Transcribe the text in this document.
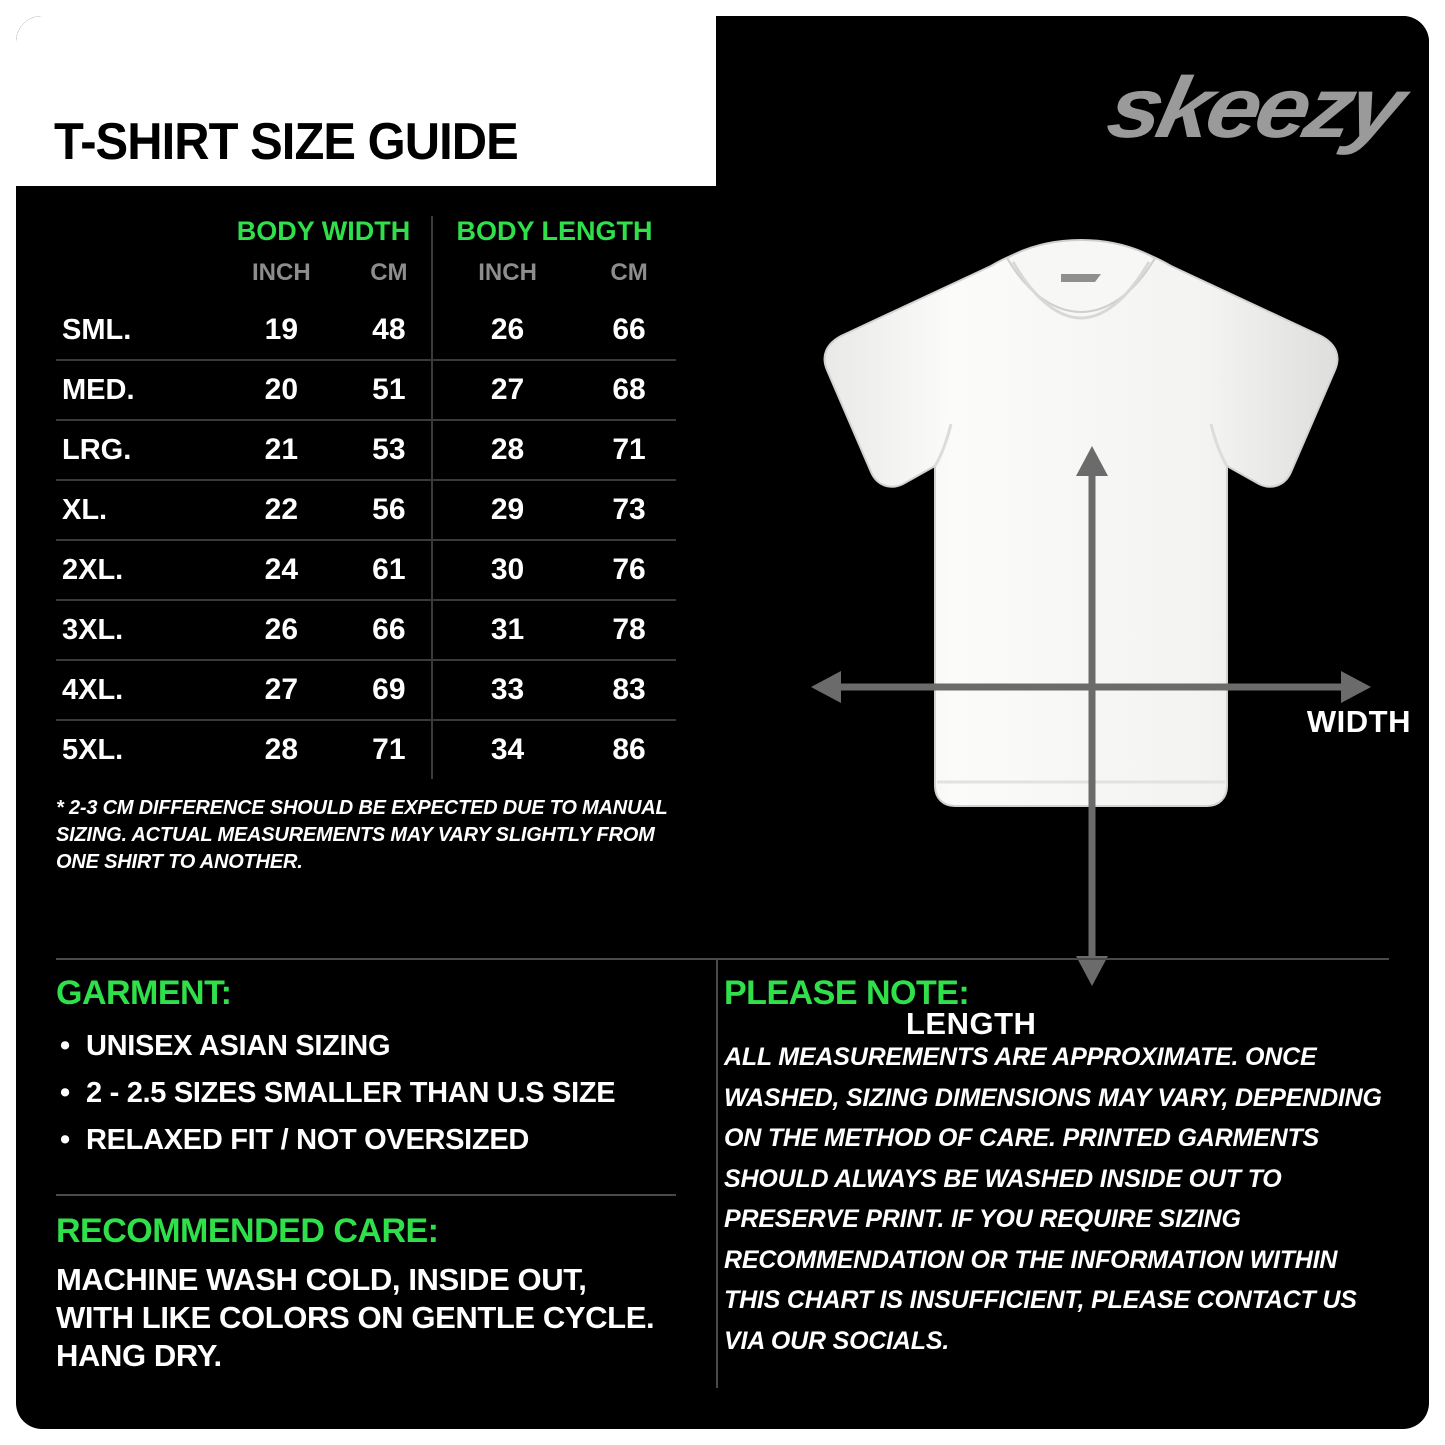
T-SHIRT SIZE GUIDE	skeezy
	BODY WIDTH		BODY LENGTH	
	INCH	CM	INCH	CM
SML.	19	48	26	66
MED.	20	51	27	68
LRG.	21	53	28	71
XL.	22	56	29	73
2XL.	24	61	30	76
3XL.	26	66	31	78
4XL.	27	69	33	83
5XL.	28	71	34	86
* 2-3 CM DIFFERENCE SHOULD BE EXPECTED DUE TO MANUAL SIZING. ACTUAL MEASUREMENTS MAY VARY SLIGHTLY FROM ONE SHIRT TO ANOTHER.
WIDTH
LENGTH
GARMENT:
• UNISEX ASIAN SIZING
• 2 - 2.5 SIZES SMALLER THAN U.S SIZE
• RELAXED FIT / NOT OVERSIZED
RECOMMENDED CARE:
MACHINE WASH COLD, INSIDE OUT, WITH LIKE COLORS ON GENTLE CYCLE. HANG DRY.
PLEASE NOTE:
ALL MEASUREMENTS ARE APPROXIMATE. ONCE WASHED, SIZING DIMENSIONS MAY VARY, DEPENDING ON THE METHOD OF CARE. PRINTED GARMENTS SHOULD ALWAYS BE WASHED INSIDE OUT TO PRESERVE PRINT. IF YOU REQUIRE SIZING RECOMMENDATION OR THE INFORMATION WITHIN THIS CHART IS INSUFFICIENT, PLEASE CONTACT US VIA OUR SOCIALS.
